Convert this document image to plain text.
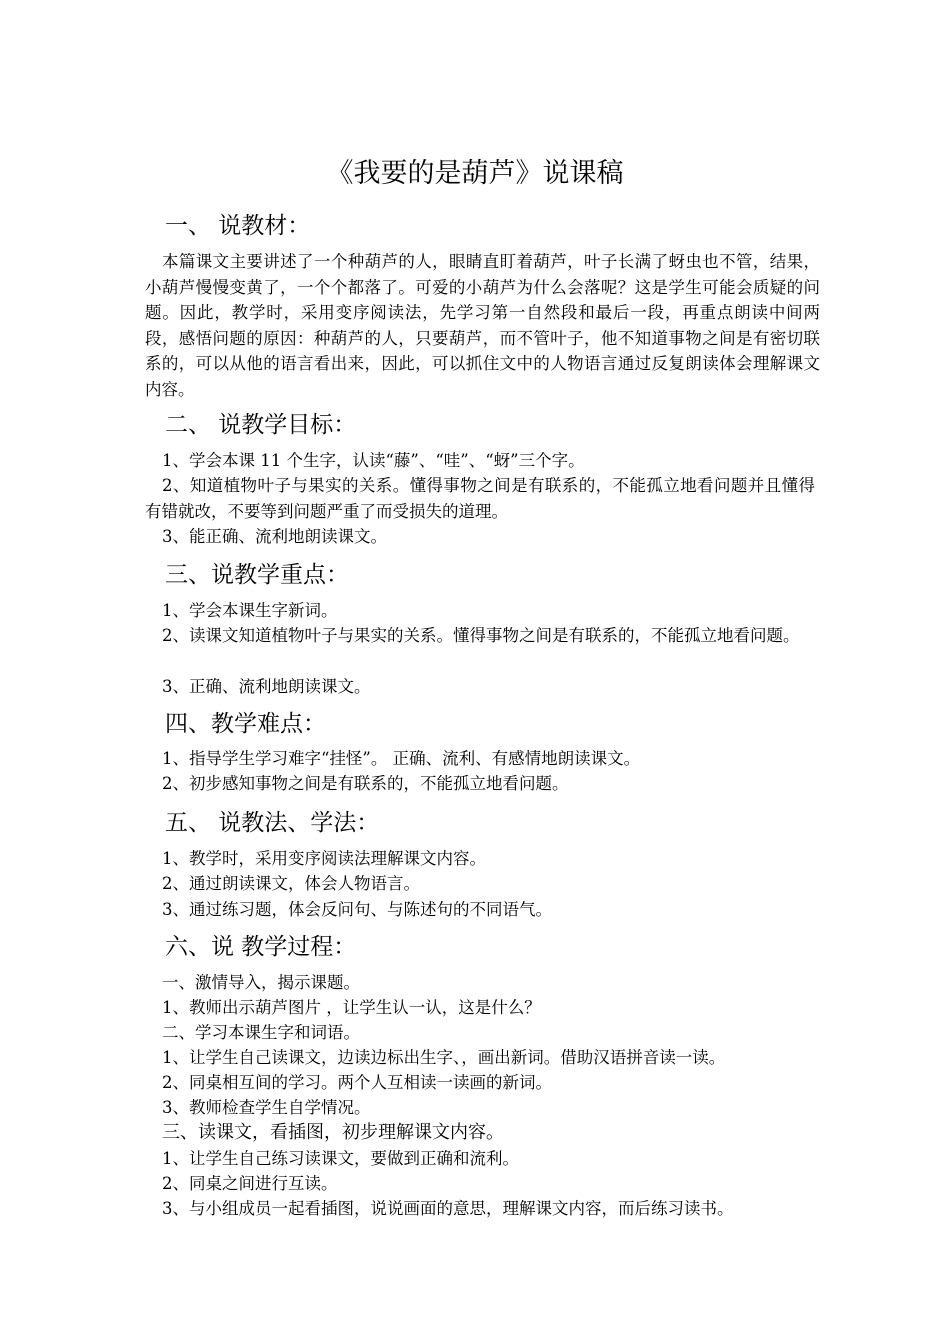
《我要的是葫芦》说课稿
一、 说教材：
本篇课文主要讲述了一个种葫芦的人，眼睛直盯着葫芦，叶子长满了蚜虫也不管，结果，小葫芦慢慢变黄了，一个个都落了。可爱的小葫芦为什么会落呢？这是学生可能会质疑的问题。因此，教学时，采用变序阅读法，先学习第一自然段和最后一段，再重点朗读中间两段，感悟问题的原因：种葫芦的人，只要葫芦，而不管叶子，他不知道事物之间是有密切联系的，可以从他的语言看出来，因此，可以抓住文中的人物语言通过反复朗读体会理解课文内容。
二、 说教学目标：
1、学会本课 11 个生字，认读“藤”、“哇”、“蚜”三个字。
2、知道植物叶子与果实的关系。懂得事物之间是有联系的，不能孤立地看问题并且懂得有错就改，不要等到问题严重了而受损失的道理。
3、能正确、流利地朗读课文。
三、说教学重点：
1、学会本课生字新词。
2、读课文知道植物叶子与果实的关系。懂得事物之间是有联系的，不能孤立地看问题。
3、正确、流利地朗读课文。
四、教学难点：
1、指导学生学习难字“挂怪”。 正确、流利、有感情地朗读课文。
2、初步感知事物之间是有联系的，不能孤立地看问题。
五、 说教法、学法：
1、教学时，采用变序阅读法理解课文内容。
2、通过朗读课文，体会人物语言。
3、通过练习题，体会反问句、与陈述句的不同语气。
六、说 教学过程：
一、激情导入，揭示课题。
1、教师出示葫芦图片 ，让学生认一认，这是什么？
二、学习本课生字和词语。
1、让学生自己读课文，边读边标出生字、，画出新词。借助汉语拼音读一读。
2、同桌相互间的学习。两个人互相读一读画的新词。
3、教师检查学生自学情况。
三、读课文，看插图，初步理解课文内容。
1、让学生自己练习读课文，要做到正确和流利。
2、同桌之间进行互读。
3、与小组成员一起看插图，说说画面的意思，理解课文内容，而后练习读书。
